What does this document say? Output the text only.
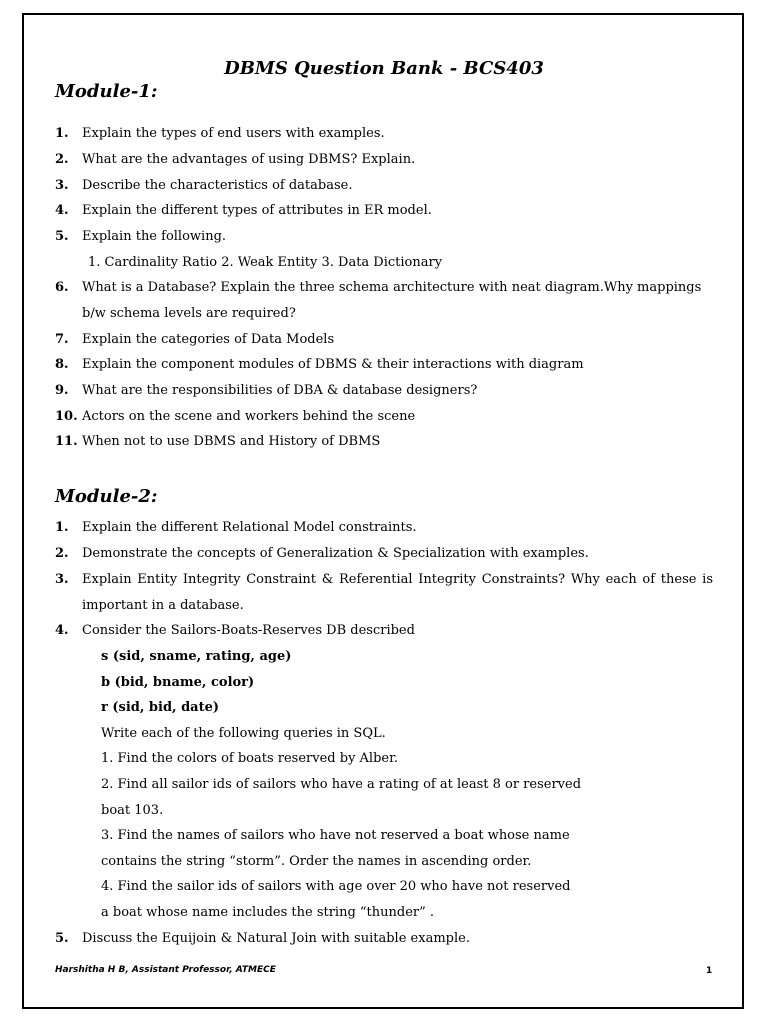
DBMS Question Bank - BCS403
Module-1:
1. Explain the types of end users with examples.
2. What are the advantages of using DBMS? Explain.
3. Describe the characteristics of database.
4. Explain the different types of attributes in ER model.
5. Explain the following.
1. Cardinality Ratio 2. Weak Entity 3. Data Dictionary
6. What is a Database? Explain the three schema architecture with neat diagram.Why mappings
b/w schema levels are required?
7. Explain the categories of Data Models
8. Explain the component modules of DBMS & their interactions with diagram
9. What are the responsibilities of DBA & database designers?
10. Actors on the scene and workers behind the scene
11. When not to use DBMS and History of DBMS
Module-2:
1. Explain the different Relational Model constraints.
2. Demonstrate the concepts of Generalization & Specialization with examples.
3. Explain Entity Integrity Constraint & Referential Integrity Constraints? Why each of these is
important in a database.
4. Consider the Sailors-Boats-Reserves DB described
s (sid, sname, rating, age)
b (bid, bname, color)
r (sid, bid, date)
Write each of the following queries in SQL.
1. Find the colors of boats reserved by Alber.
2. Find all sailor ids of sailors who have a rating of at least 8 or reserved
boat 103.
3. Find the names of sailors who have not reserved a boat whose name
contains the string “storm”. Order the names in ascending order.
4. Find the sailor ids of sailors with age over 20 who have not reserved
a boat whose name includes the string “thunder” .
5. Discuss the Equijoin & Natural Join with suitable example.
Harshitha H B, Assistant Professor, ATMECE	1
